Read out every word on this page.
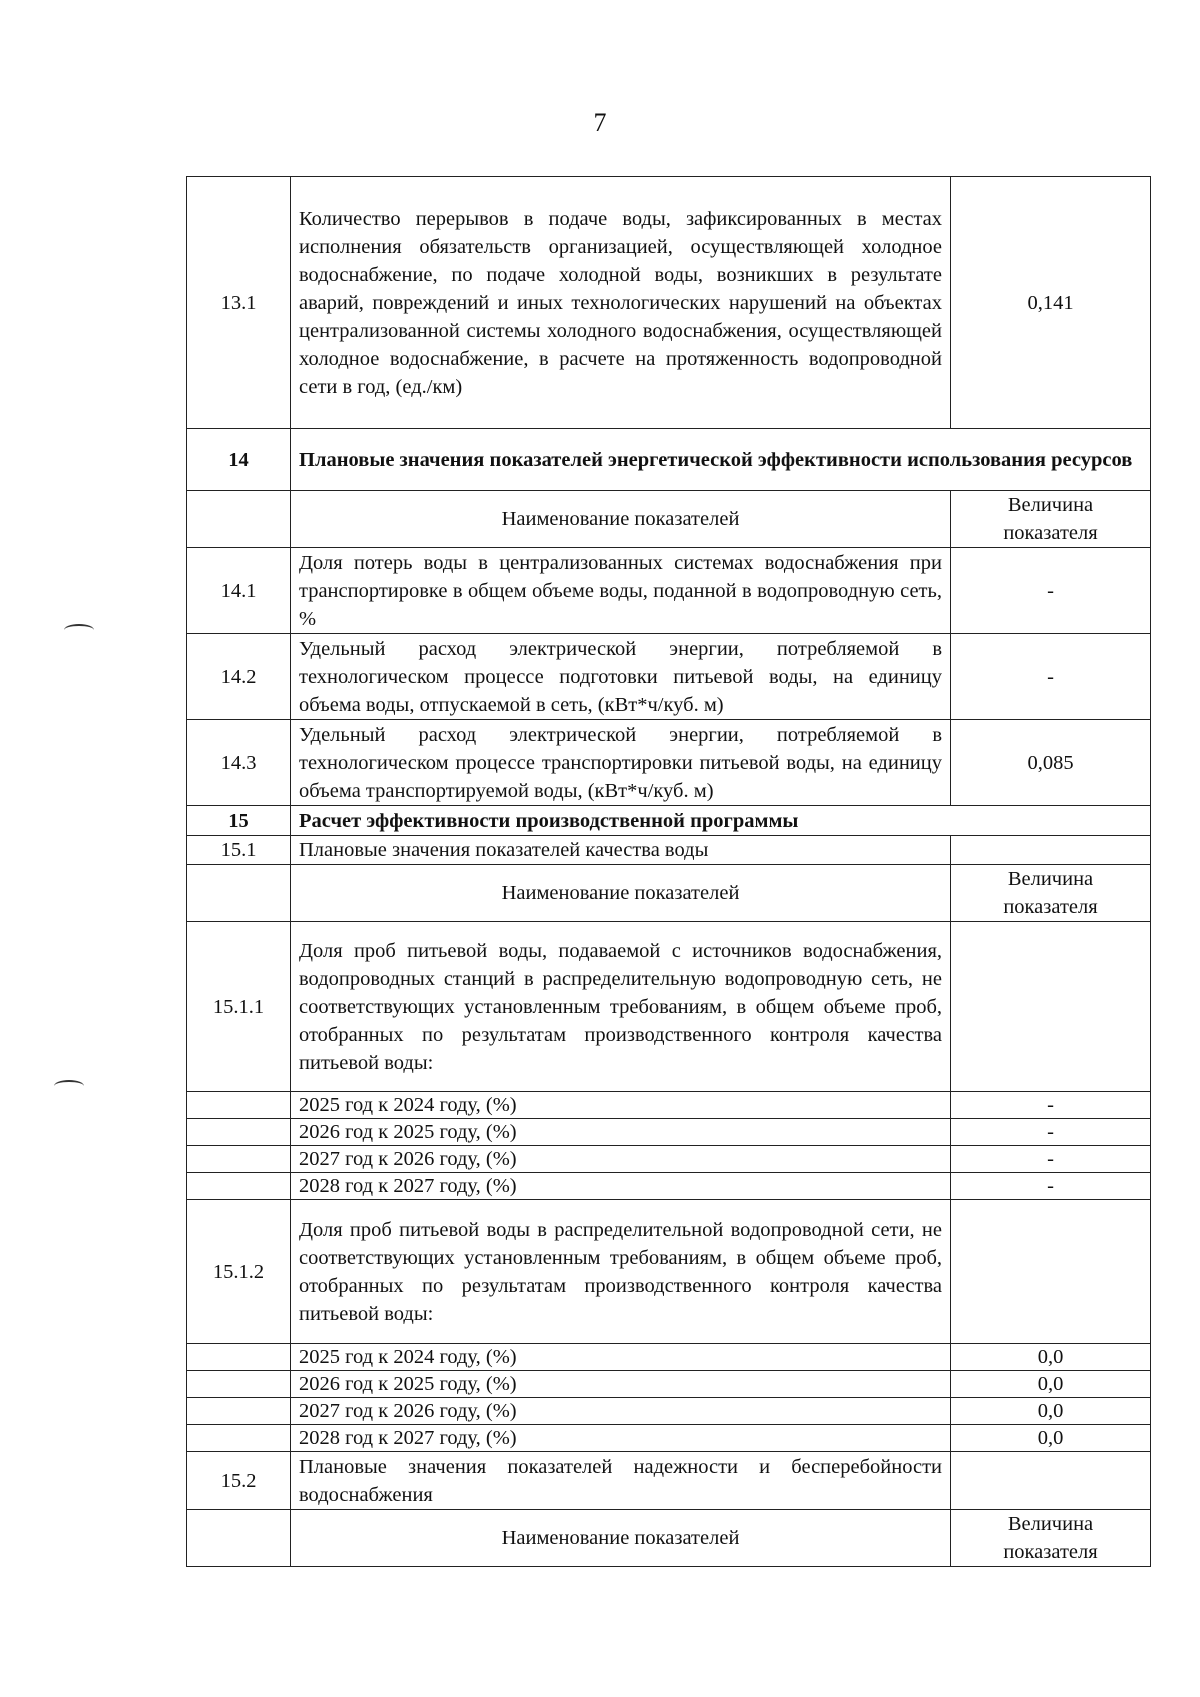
7
13.1	Количество перерывов в подаче воды, зафиксированных в местах исполнения обязательств организацией, осуществляющей холодное водоснабжение, по подаче холодной воды, возникших в результате аварий, повреждений и иных технологических нарушений на объектах централизованной системы холодного водоснабжения, осуществляющей холодное водоснабжение, в расчете на протяженность водопроводной сети в год, (ед./км)	0,141
14	Плановые значения показателей энергетической эффективности использования ресурсов	
	Наименование показателей	Величина показателя
14.1	Доля потерь воды в централизованных системах водоснабжения при транспортировке в общем объеме воды, поданной в водопроводную сеть, %	-
14.2	Удельный расход электрической энергии, потребляемой в технологическом процессе подготовки питьевой воды, на единицу объема воды, отпускаемой в сеть, (кВт*ч/куб. м)	-
14.3	Удельный расход электрической энергии, потребляемой в технологическом процессе транспортировки питьевой воды, на единицу объема транспортируемой воды, (кВт*ч/куб. м)	0,085
15	Расчет эффективности производственной программы	
15.1	Плановые значения показателей качества воды	
	Наименование показателей	Величина показателя
15.1.1	Доля проб питьевой воды, подаваемой с источников водоснабжения, водопроводных станций в распределительную водопроводную сеть, не соответствующих установленным требованиям, в общем объеме проб, отобранных по результатам производственного контроля качества питьевой воды:	
	2025 год к 2024 году, (%)	-
	2026 год к 2025 году, (%)	-
	2027 год к 2026 году, (%)	-
	2028 год к 2027 году, (%)	-
15.1.2	Доля проб питьевой воды в распределительной водопроводной сети, не соответствующих установленным требованиям, в общем объеме проб, отобранных по результатам производственного контроля качества питьевой воды:	
	2025 год к 2024 году, (%)	0,0
	2026 год к 2025 году, (%)	0,0
	2027 год к 2026 году, (%)	0,0
	2028 год к 2027 году, (%)	0,0
15.2	Плановые значения показателей надежности и бесперебойности водоснабжения	
	Наименование показателей	Величина показателя
